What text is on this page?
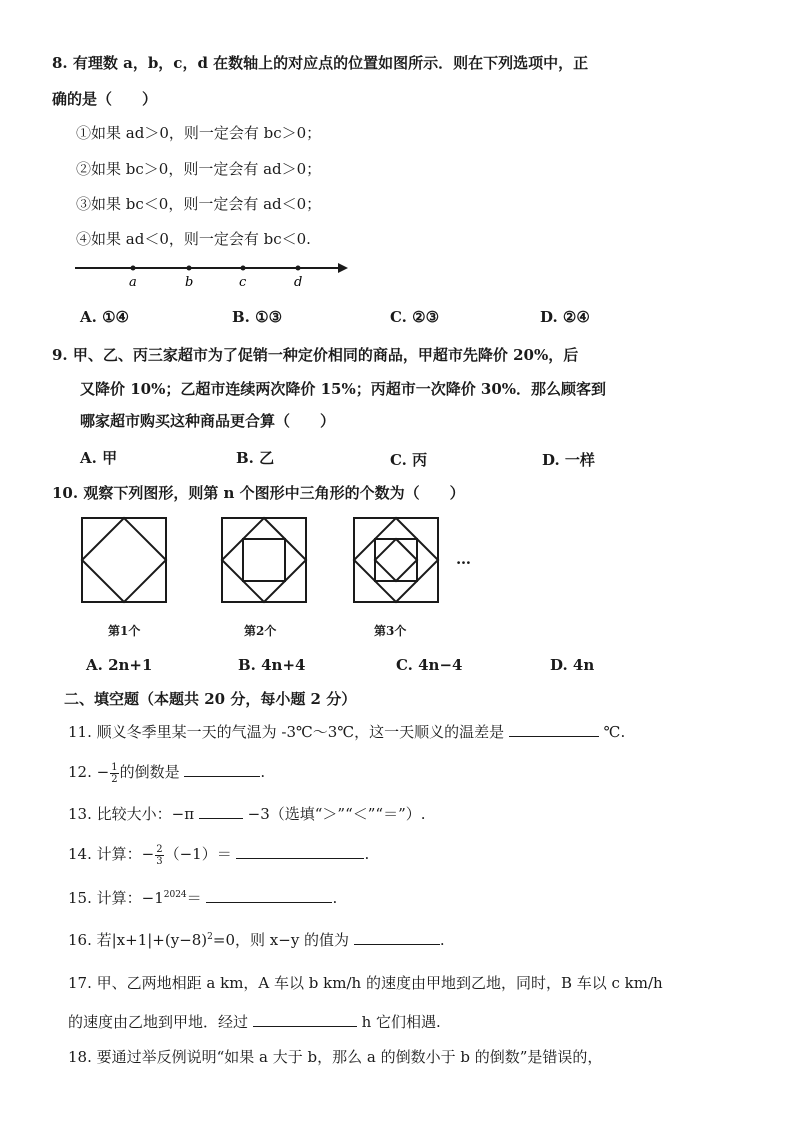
8. 有理数 a，b，c，d 在数轴上的对应点的位置如图所示．则在下列选项中，正
确的是（　　）
①如果 ad＞0，则一定会有 bc＞0；
②如果 bc＞0，则一定会有 ad＞0；
③如果 bc＜0，则一定会有 ad＜0；
④如果 ad＜0，则一定会有 bc＜0.
a	b	c	d
A. ①④	B. ①③	C. ②③	D. ②④
9. 甲、乙、丙三家超市为了促销一种定价相同的商品，甲超市先降价 20%，后
又降价 10%；乙超市连续两次降价 15%；丙超市一次降价 30%．那么顾客到
哪家超市购买这种商品更合算（　　）
A. 甲	B. 乙	C. 丙	D. 一样
10. 观察下列图形，则第 n 个图形中三角形的个数为（　　）
…
第1个	第2个	第3个
A. 2n+1	B. 4n+4	C. 4n−4	D. 4n
二、填空题（本题共 20 分，每小题 2 分）
11. 顺义冬季里某一天的气温为 -3℃～3℃，这一天顺义的温差是	℃.
12. − $\frac{1}{2}$ 的倒数是	.
13. 比较大小：−π	−3（选填“＞”“＜”“＝”）.
14. 计算：− $\frac{2}{3} (-1)=$	.
15. 计算：$-1^{2024}=$	.
16. 若$|x+1|+(y-8)^2=0$，则 x−y 的值为	.
17. 甲、乙两地相距 a km，A 车以 b km/h 的速度由甲地到乙地，同时，B 车以 c km/h
的速度由乙地到甲地．经过	h 它们相遇.
18. 要通过举反例说明“如果 a 大于 b，那么 a 的倒数小于 b 的倒数”是错误的，
